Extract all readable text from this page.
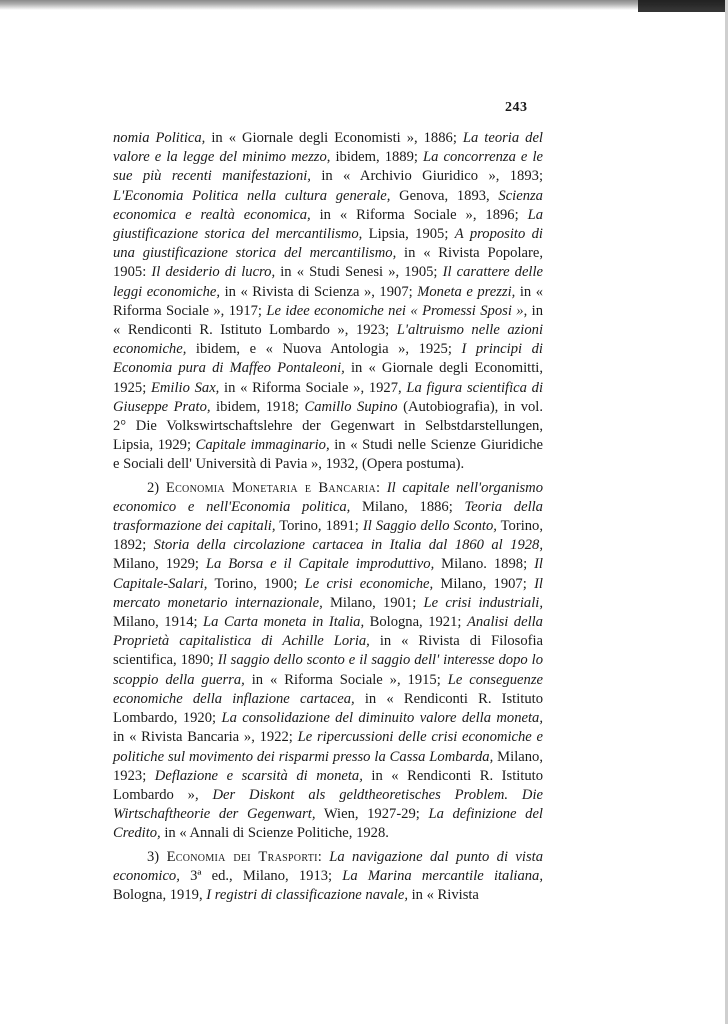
243

nomia Politica, in « Giornale degli Economisti », 1886; La teoria del valore e la legge del minimo mezzo, ibidem, 1889; La concorrenza e le sue più recenti manifestazioni, in « Archivio Giuridico », 1893; L'Economia Politica nella cultura generale, Genova, 1893, Scienza economica e realtà economica, in « Riforma Sociale », 1896; La giustificazione storica del mercantilismo, Lipsia, 1905; A proposito di una giustificazione storica del mercantilismo, in « Rivista Popolare, 1905: Il desiderio di lucro, in « Studi Senesi », 1905; Il carattere delle leggi economiche, in « Rivista di Scienza », 1907; Moneta e prezzi, in « Riforma Sociale », 1917; Le idee economiche nei « Promessi Sposi », in « Rendiconti R. Istituto Lombardo », 1923; L'altruismo nelle azioni economiche, ibidem, e « Nuova Antologia », 1925; I principi di Economia pura di Maffeo Pontaleoni, in « Giornale degli Economitti, 1925; Emilio Sax, in « Riforma Sociale », 1927, La figura scientifica di Giuseppe Prato, ibidem, 1918; Camillo Supino (Autobiografia), in vol. 2° Die Volkswirtschaftslehre der Gegenwart in Selbstdarstellungen, Lipsia, 1929; Capitale immaginario, in « Studi nelle Scienze Giuridiche e Sociali dell' Università di Pavia », 1932, (Opera postuma).

2) Economia Monetaria e Bancaria: Il capitale nell'organismo economico e nell'Economia politica, Milano, 1886; Teoria della trasformazione dei capitali, Torino, 1891; Il Saggio dello Sconto, Torino, 1892; Storia della circolazione cartacea in Italia dal 1860 al 1928, Milano, 1929; La Borsa e il Capitale improduttivo, Milano. 1898; Il Capitale-Salari, Torino, 1900; Le crisi economiche, Milano, 1907; Il mercato monetario internazionale, Milano, 1901; Le crisi industriali, Milano, 1914; La Carta moneta in Italia, Bologna, 1921; Analisi della Proprietà capitalistica di Achille Loria, in « Rivista di Filosofia scientifica, 1890; Il saggio dello sconto e il saggio dell' interesse dopo lo scoppio della guerra, in « Riforma Sociale », 1915; Le conseguenze economiche della inflazione cartacea, in « Rendiconti R. Istituto Lombardo, 1920; La consolidazione del diminuito valore della moneta, in « Rivista Bancaria », 1922; Le ripercussioni delle crisi economiche e politiche sul movimento dei risparmi presso la Cassa Lombarda, Milano, 1923; Deflazione e scarsità di moneta, in « Rendiconti R. Istituto Lombardo », Der Diskont als geldtheoretisches Problem. Die Wirtschaftheorie der Gegenwart, Wien, 1927-29; La definizione del Credito, in « Annali di Scienze Politiche, 1928.

3) Economia dei Trasporti: La navigazione dal punto di vista economico, 3ª ed., Milano, 1913; La Marina mercantile italiana, Bologna, 1919, I registri di classificazione navale, in « Rivista
